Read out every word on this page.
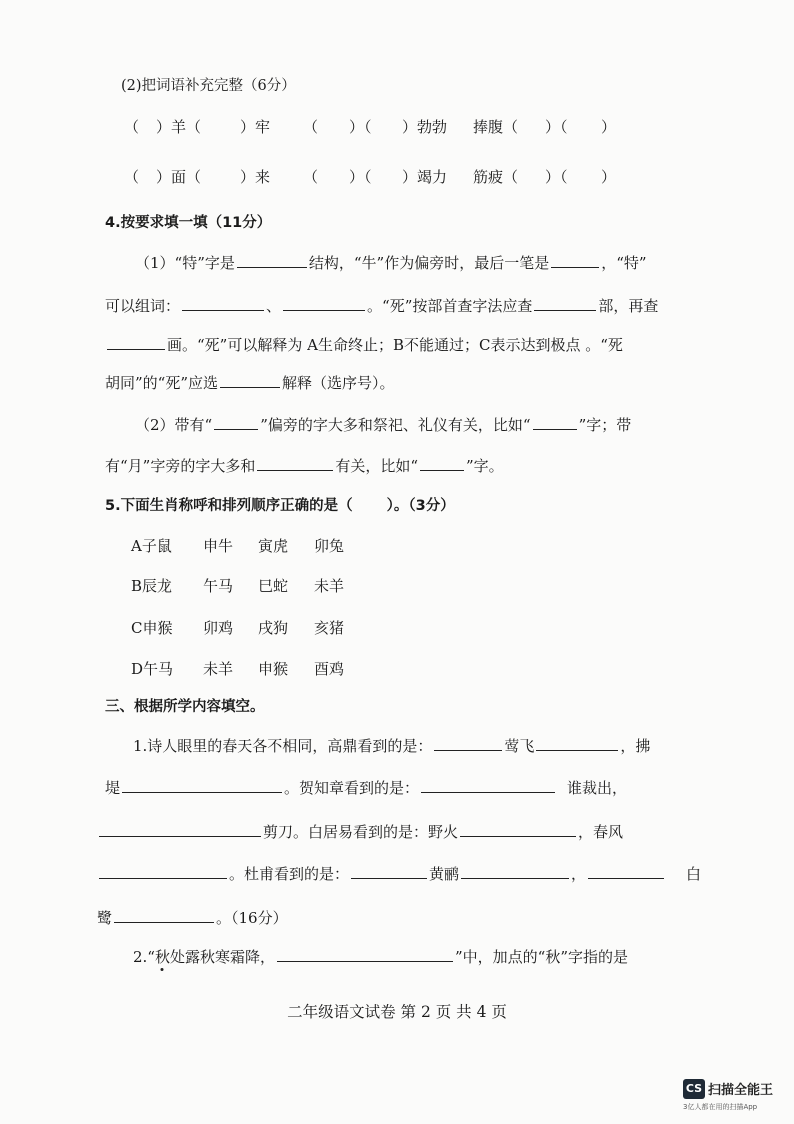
(2)把词语补充完整（6分）
（ ）羊（	）牢 （ ）（ ）勃勃 捧腹（ ）（ ）
（ ）面（	）来 （ ）（ ）竭力 筋疲（ ）（ ）
4.按要求填一填（11分）
（1）“特”字是	结构，“牛”作为偏旁时，最后一笔是	，“特”
可以组词：	、	。“死”按部首查字法应查	部，再查
画。“死”可以解释为 A生命终止；B不能通过；C表示达到极点 。“死
胡同”的“死”应选	解释（选序号）。
（2）带有“	”偏旁的字大多和祭祀、礼仪有关，比如“	”字；带
有“月”字旁的字大多和	有关，比如“	”字。
5.下面生肖称呼和排列顺序正确的是（ ）。（3分）
A子鼠 申牛 寅虎 卯兔
B辰龙 午马 巳蛇 未羊
C申猴 卯鸡 戌狗 亥猪
D午马 未羊 申猴 酉鸡
三、根据所学内容填空。
1.诗人眼里的春天各不相同，高鼎看到的是：	莺飞	，拂
堤	。贺知章看到的是：	谁裁出，
剪刀。白居易看到的是：野火	，春风
。杜甫看到的是：	黄鹂	，	白
鹭	。（16分）
2.“秋处露秋寒霜降，	”中，加点的“秋”字指的是
二年级语文试卷 第 2 页 共 4 页
CS 扫描全能王
3亿人都在用的扫描App
